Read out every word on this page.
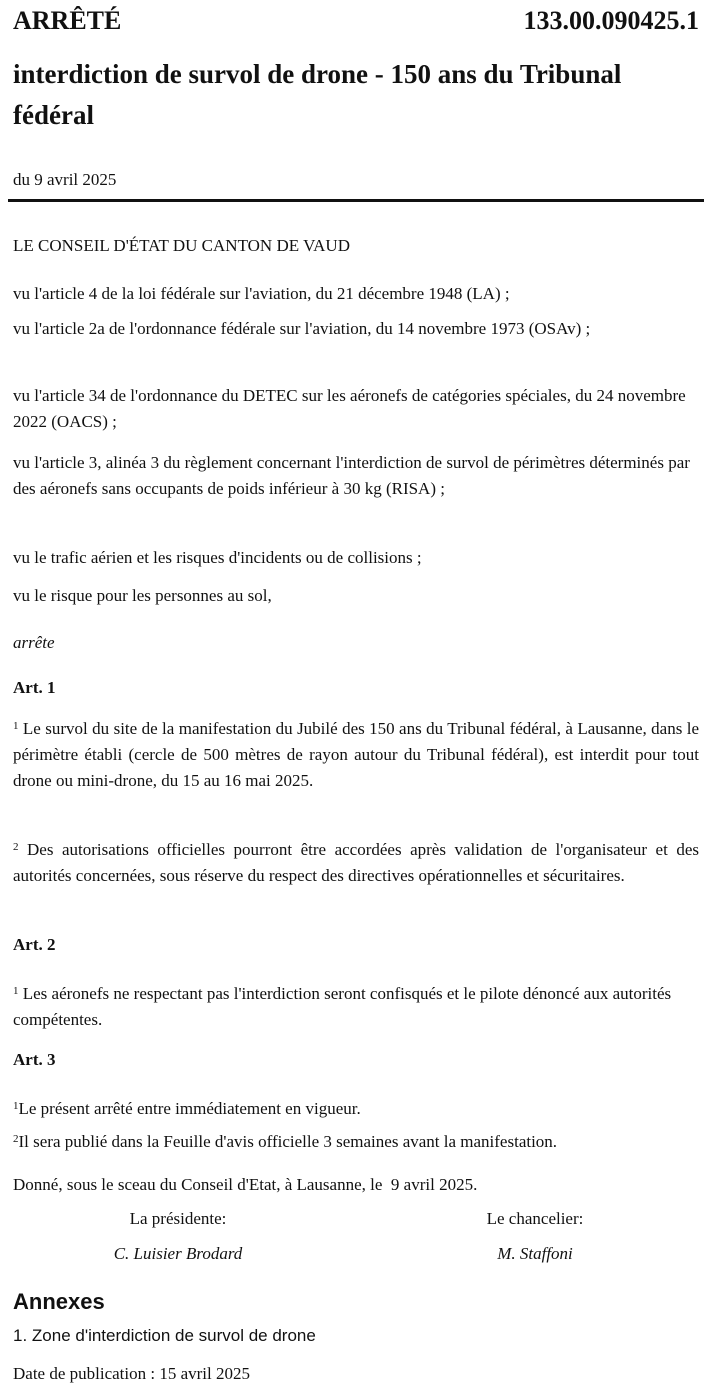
ARRÊTÉ	133.00.090425.1
interdiction de survol de drone - 150 ans du Tribunal fédéral
du 9 avril 2025
LE CONSEIL D'ÉTAT DU CANTON DE VAUD
vu l'article 4 de la loi fédérale sur l'aviation, du 21 décembre 1948 (LA) ;
vu l'article 2a de l'ordonnance fédérale sur l'aviation, du 14 novembre 1973 (OSAv) ;
vu l'article 34 de l'ordonnance du DETEC sur les aéronefs de catégories spéciales, du 24 novembre 2022 (OACS) ;
vu l'article 3, alinéa 3 du règlement concernant l'interdiction de survol de périmètres déterminés par des aéronefs sans occupants de poids inférieur à 30 kg (RISA) ;
vu le trafic aérien et les risques d'incidents ou de collisions ;
vu le risque pour les personnes au sol,
arrête
Art. 1
$^1$ Le survol du site de la manifestation du Jubilé des 150 ans du Tribunal fédéral, à Lausanne, dans le périmètre établi (cercle de 500 mètres de rayon autour du Tribunal fédéral), est interdit pour tout drone ou mini-drone, du 15 au 16 mai 2025.
$^2$ Des autorisations officielles pourront être accordées après validation de l'organisateur et des autorités concernées, sous réserve du respect des directives opérationnelles et sécuritaires.
Art. 2
$^1$ Les aéronefs ne respectant pas l'interdiction seront confisqués et le pilote dénoncé aux autorités compétentes.
Art. 3
$^1$Le présent arrêté entre immédiatement en vigueur.
$^2$Il sera publié dans la Feuille d'avis officielle 3 semaines avant la manifestation.
Donné, sous le sceau du Conseil d'Etat, à Lausanne, le  9 avril 2025.
La présidente:
C. Luisier Brodard
Le chancelier:
M. Staffoni
Annexes
1. Zone d'interdiction de survol de drone
Date de publication : 15 avril 2025
